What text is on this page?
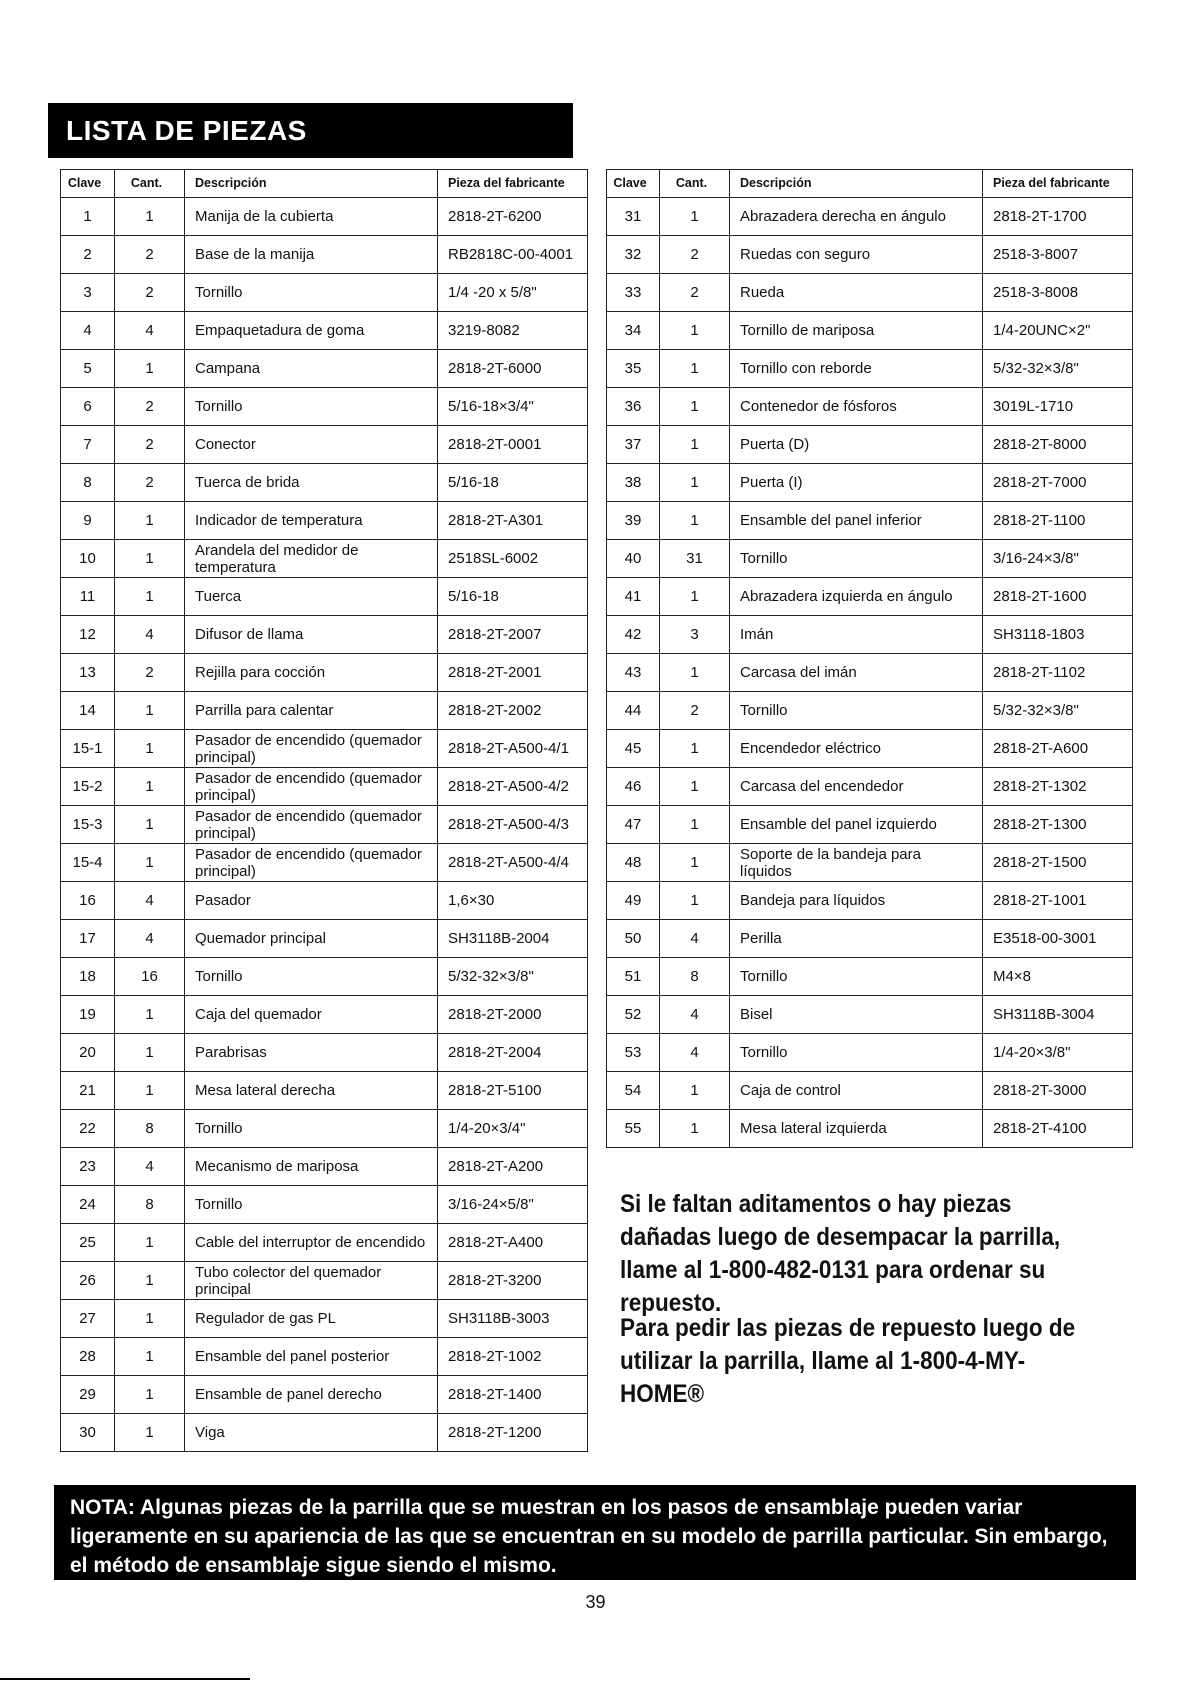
LISTA DE PIEZAS
Clave	Cant.	Descripción	Pieza del fabricante
1	1	Manija de la cubierta	2818-2T-6200
2	2	Base de la manija	RB2818C-00-4001
3	2	Tornillo	1/4 -20 x 5/8"
4	4	Empaquetadura de goma	3219-8082
5	1	Campana	2818-2T-6000
6	2	Tornillo	5/16-18×3/4"
7	2	Conector	2818-2T-0001
8	2	Tuerca de brida	5/16-18
9	1	Indicador de temperatura	2818-2T-A301
10	1	Arandela del medidor de temperatura	2518SL-6002
11	1	Tuerca	5/16-18
12	4	Difusor de llama	2818-2T-2007
13	2	Rejilla para cocción	2818-2T-2001
14	1	Parrilla para calentar	2818-2T-2002
15-1	1	Pasador de encendido (quemador principal)	2818-2T-A500-4/1
15-2	1	Pasador de encendido (quemador principal)	2818-2T-A500-4/2
15-3	1	Pasador de encendido (quemador principal)	2818-2T-A500-4/3
15-4	1	Pasador de encendido (quemador principal)	2818-2T-A500-4/4
16	4	Pasador	1,6×30
17	4	Quemador principal	SH3118B-2004
18	16	Tornillo	5/32-32×3/8"
19	1	Caja del quemador	2818-2T-2000
20	1	Parabrisas	2818-2T-2004
21	1	Mesa lateral derecha	2818-2T-5100
22	8	Tornillo	1/4-20×3/4"
23	4	Mecanismo de mariposa	2818-2T-A200
24	8	Tornillo	3/16-24×5/8"
25	1	Cable del interruptor de encendido	2818-2T-A400
26	1	Tubo colector del quemador principal	2818-2T-3200
27	1	Regulador de gas PL	SH3118B-3003
28	1	Ensamble del panel posterior	2818-2T-1002
29	1	Ensamble de panel derecho	2818-2T-1400
30	1	Viga	2818-2T-1200
Clave	Cant.	Descripción	Pieza del fabricante
31	1	Abrazadera derecha en ángulo	2818-2T-1700
32	2	Ruedas con seguro	2518-3-8007
33	2	Rueda	2518-3-8008
34	1	Tornillo de mariposa	1/4-20UNC×2"
35	1	Tornillo con reborde	5/32-32×3/8"
36	1	Contenedor de fósforos	3019L-1710
37	1	Puerta (D)	2818-2T-8000
38	1	Puerta (I)	2818-2T-7000
39	1	Ensamble del panel inferior	2818-2T-1100
40	31	Tornillo	3/16-24×3/8"
41	1	Abrazadera izquierda en ángulo	2818-2T-1600
42	3	Imán	SH3118-1803
43	1	Carcasa del imán	2818-2T-1102
44	2	Tornillo	5/32-32×3/8"
45	1	Encendedor eléctrico	2818-2T-A600
46	1	Carcasa del encendedor	2818-2T-1302
47	1	Ensamble del panel izquierdo	2818-2T-1300
48	1	Soporte de la bandeja para líquidos	2818-2T-1500
49	1	Bandeja para líquidos	2818-2T-1001
50	4	Perilla	E3518-00-3001
51	8	Tornillo	M4×8
52	4	Bisel	SH3118B-3004
53	4	Tornillo	1/4-20×3/8"
54	1	Caja de control	2818-2T-3000
55	1	Mesa lateral izquierda	2818-2T-4100

Si le faltan aditamentos o hay piezas dañadas luego de desempacar la parrilla, llame al 1-800-482-0131 para ordenar su repuesto.

Para pedir las piezas de repuesto luego de utilizar la parrilla, llame al 1-800-4-MY-HOME®

NOTA: Algunas piezas de la parrilla que se muestran en los pasos de ensamblaje pueden variar ligeramente en su apariencia de las que se encuentran en su modelo de parrilla particular. Sin embargo, el método de ensamblaje sigue siendo el mismo.
39
